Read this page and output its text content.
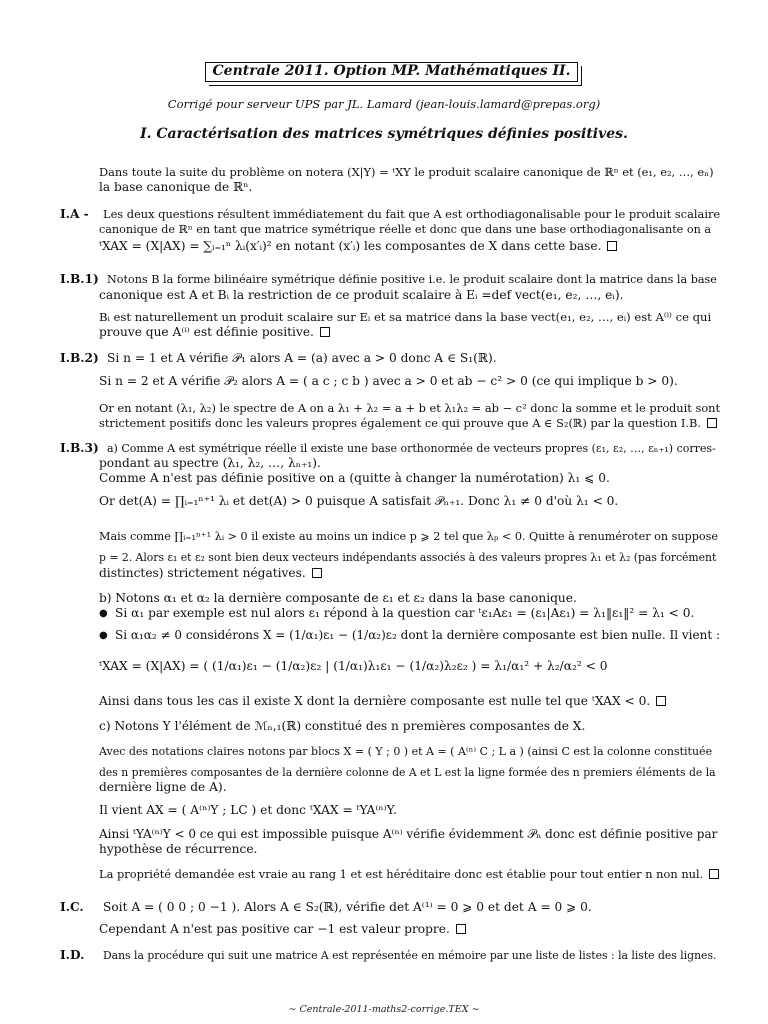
Centrale 2011. Option MP. Mathématiques II.
Corrigé pour serveur UPS par JL. Lamard (jean-louis.lamard@prepas.org)
I. Caractérisation des matrices symétriques définies positives.
Dans toute la suite du problème on notera (X|Y) = ᵗXY le produit scalaire canonique de ℝⁿ et (e₁, e₂, …, eₙ)
la base canonique de ℝⁿ.
I.A - Les deux questions résultent immédiatement du fait que A est orthodiagonalisable pour le produit scalaire
canonique de ℝⁿ en tant que matrice symétrique réelle et donc que dans une base orthodiagonalisante on a
ᵗXAX = (X|AX) = ∑ᵢ₌₁ⁿ λᵢ(x′ᵢ)² en notant (x′ᵢ) les composantes de X dans cette base.
I.B.1) Notons B la forme bilinéaire symétrique définie positive i.e. le produit scalaire dont la matrice dans la base
canonique est A et Bᵢ la restriction de ce produit scalaire à Eᵢ =def vect(e₁, e₂, …, eᵢ).
Bᵢ est naturellement un produit scalaire sur Eᵢ et sa matrice dans la base vect(e₁, e₂, …, eᵢ) est A⁽ⁱ⁾ ce qui
prouve que A⁽ⁱ⁾ est définie positive.
I.B.2) Si n = 1 et A vérifie 𝒫₁ alors A = (a) avec a > 0 donc A ∈ S₁(ℝ).
Si n = 2 et A vérifie 𝒫₂ alors A = ( a c ; c b ) avec a > 0 et ab − c² > 0 (ce qui implique b > 0).
Or en notant (λ₁, λ₂) le spectre de A on a λ₁ + λ₂ = a + b et λ₁λ₂ = ab − c² donc la somme et le produit sont
strictement positifs donc les valeurs propres également ce qui prouve que A ∈ S₂(ℝ) par la question I.B.
I.B.3) a) Comme A est symétrique réelle il existe une base orthonormée de vecteurs propres (ε₁, ε₂, …, εₙ₊₁) corres-
pondant au spectre (λ₁, λ₂, …, λₙ₊₁).
Comme A n'est pas définie positive on a (quitte à changer la numérotation) λ₁ ⩽ 0.
Or det(A) = ∏ᵢ₌₁ⁿ⁺¹ λᵢ et det(A) > 0 puisque A satisfait 𝒫ₙ₊₁. Donc λ₁ ≠ 0 d'où λ₁ < 0.
Mais comme ∏ᵢ₌₁ⁿ⁺¹ λᵢ > 0 il existe au moins un indice p ⩾ 2 tel que λₚ < 0. Quitte à renuméroter on suppose
p = 2. Alors ε₁ et ε₂ sont bien deux vecteurs indépendants associés à des valeurs propres λ₁ et λ₂ (pas forcément
distinctes) strictement négatives.
b) Notons α₁ et α₂ la dernière composante de ε₁ et ε₂ dans la base canonique.
● Si α₁ par exemple est nul alors ε₁ répond à la question car ᵗε₁Aε₁ = (ε₁|Aε₁) = λ₁‖ε₁‖² = λ₁ < 0.
● Si α₁α₂ ≠ 0 considérons X = (1/α₁)ε₁ − (1/α₂)ε₂ dont la dernière composante est bien nulle. Il vient :
ᵗXAX = (X|AX) = ( (1/α₁)ε₁ − (1/α₂)ε₂ | (1/α₁)λ₁ε₁ − (1/α₂)λ₂ε₂ ) = λ₁/α₁² + λ₂/α₂² < 0
Ainsi dans tous les cas il existe X dont la dernière composante est nulle tel que ᵗXAX < 0.
c) Notons Y l'élément de ℳₙ,₁(ℝ) constitué des n premières composantes de X.
Avec des notations claires notons par blocs X = ( Y ; 0 ) et A = ( A⁽ⁿ⁾ C ; L a ) (ainsi C est la colonne constituée
des n premières composantes de la dernière colonne de A et L est la ligne formée des n premiers éléments de la
dernière ligne de A).
Il vient AX = ( A⁽ⁿ⁾Y ; LC ) et donc ᵗXAX = ᵗYA⁽ⁿ⁾Y.
Ainsi ᵗYA⁽ⁿ⁾Y < 0 ce qui est impossible puisque A⁽ⁿ⁾ vérifie évidemment 𝒫ₙ donc est définie positive par
hypothèse de récurrence.
La propriété demandée est vraie au rang 1 et est héréditaire donc est établie pour tout entier n non nul.
I.C. Soit A = ( 0 0 ; 0 −1 ). Alors A ∈ S₂(ℝ), vérifie det A⁽¹⁾ = 0 ⩾ 0 et det A = 0 ⩾ 0.
Cependant A n'est pas positive car −1 est valeur propre.
I.D. Dans la procédure qui suit une matrice A est représentée en mémoire par une liste de listes : la liste des lignes.
∼ Centrale-2011-maths2-corrige.TEX ∼
